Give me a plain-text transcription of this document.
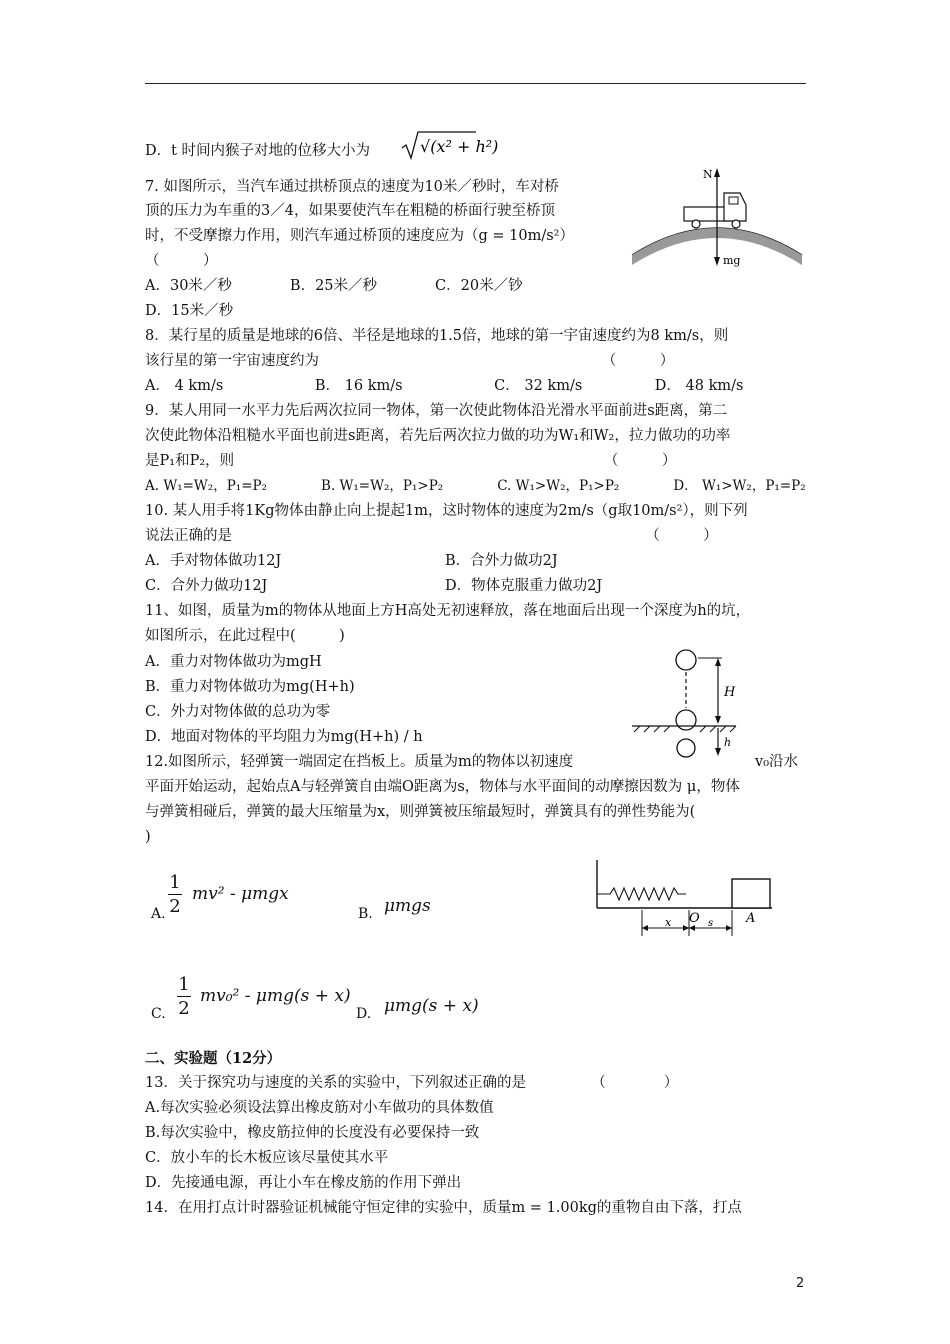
D．t 时间内猴子对地的位移大小为	√(x² + h²)
7. 如图所示，当汽车通过拱桥顶点的速度为10米／秒时，车对桥
顶的压力为车重的3／4，如果要使汽车在粗糙的桥面行驶至桥顶
时，不受摩擦力作用，则汽车通过桥顶的速度应为（g = 10m/s²）
（　　　）
A．30米／秒　　　　B．25米／秒　　　　C．20米／钞
D．15米／秒
N
mg
8．某行星的质量是地球的6倍、半径是地球的1.5倍，地球的第一宇宙速度约为8 km/s，则
该行星的第一宇宙速度约为　　　　　　　　　　　　　　　　　　　　（　　　）
A． 4 km/s　　　　　　 B． 16 km/s　　　　　　 C． 32 km/s　　　　　D． 48 km/s
9．某人用同一水平力先后两次拉同一物体，第一次使此物体沿光滑水平面前进s距离，第二
次使此物体沿粗糙水平面也前进s距离，若先后两次拉力做的功为W₁和W₂，拉力做功的功率
是P₁和P₂，则　　　　　　　　　　　　　　　　　　　　　　　　　　（　　　）
A. W₁=W₂，P₁=P₂　　　　B. W₁=W₂，P₁>P₂　　　　C. W₁>W₂，P₁>P₂　　　　D． W₁>W₂，P₁=P₂
10. 某人用手将1Kg物体由静止向上提起1m，这时物体的速度为2m/s（g取10m/s²），则下列
说法正确的是　　　　　　　　　　　　　　　　　　　　　　　　　　　　　（　　　）
A．手对物体做功12J	B．合外力做功2J
C．合外力做功12J	D．物体克服重力做功2J
11、如图，质量为m的物体从地面上方H高处无初速释放，落在地面后出现一个深度为h的坑，
如图所示，在此过程中(　　　)
A．重力对物体做功为mgH
B．重力对物体做功为mg(H+h)
C．外力对物体做的总功为零
D．地面对物体的平均阻力为mg(H+h) / h
H
h
12.如图所示，轻弹簧一端固定在挡板上。质量为m的物体以初速度	v₀沿水
平面开始运动，起始点A与轻弹簧自由端O距离为s，物体与水平面间的动摩擦因数为 μ，物体
与弹簧相碰后，弹簧的最大压缩量为x，则弹簧被压缩最短时，弹簧具有的弹性势能为(
)
A.
1
2
mv² - μmgx
B. μmgs
x O s	A
C.
1
2
mv₀² - μmg(s + x)
D. μmg(s + x)
二、实验题（12分）
13．关于探究功与速度的关系的实验中，下列叙述正确的是　　　　　（　　　　）
A.每次实验必须设法算出橡皮筋对小车做功的具体数值
B.每次实验中，橡皮筋拉伸的长度没有必要保持一致
C．放小车的长木板应该尽量使其水平
D．先接通电源，再让小车在橡皮筋的作用下弹出
14．在用打点计时器验证机械能守恒定律的实验中，质量m = 1.00kg的重物自由下落，打点
2
